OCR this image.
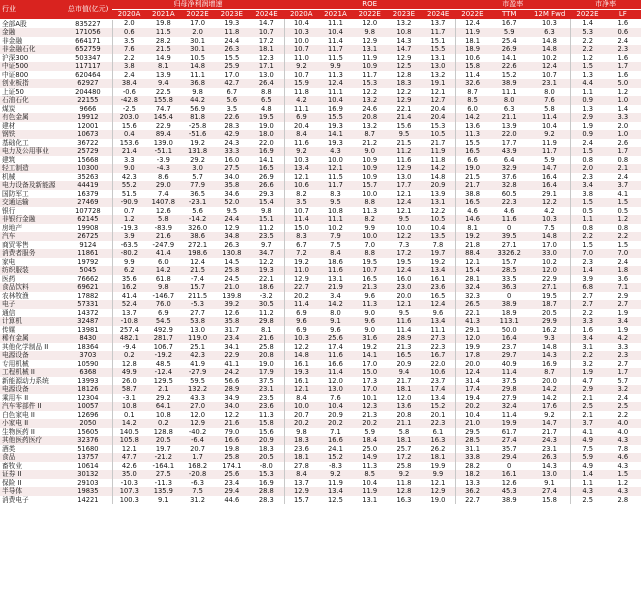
行业	总市值(亿元)	归母净利润增速					ROE					市盈率			市净率	
		2020A	2021A	2022E	2023E	2024E	2020A	2021A	2022E	2023E	2024E	2022E	TTM	12M Fwd	2022E	LF
全部A股	835227	2.0	19.8	17.0	19.3	14.7	10.4	11.1	12.0	13.2	13.7	12.4	16.7	10.3	1.4	1.6
金融	171056	0.6	11.5	2.0	11.8	10.7	10.3	10.4	9.8	10.8	11.7	11.9	5.9	6.3	5.3	0.6
非金融	664171	3.5	28.2	30.1	24.4	17.2	10.0	11.4	12.9	14.3	15.1	18.1	25.4	14.8	2.2	2.4
非金融石化	652759	7.6	21.5	30.1	26.3	18.1	10.7	11.7	13.1	14.7	15.5	18.9	26.9	14.8	2.2	2.3
沪深300	503347	2.2	14.9	10.5	15.5	12.3	11.0	11.5	11.9	12.9	13.1	10.6	14.1	10.2	1.2	1.6
中证500	117117	3.8	8.1	14.8	25.9	17.1	9.2	9.9	10.9	12.5	13.0	15.8	22.6	12.4	1.5	1.7
中证800	620464	2.4	13.9	11.1	17.0	13.0	10.7	11.3	11.7	12.8	13.2	11.4	15.2	10.7	1.3	1.6
创业板指	62927	38.4	9.4	36.8	42.7	26.4	15.9	12.4	15.3	18.3	19.1	32.6	38.9	23.1	4.4	5.0
上证50	204480	-0.6	22.5	9.8	6.7	8.8	11.8	11.1	12.2	12.2	12.1	8.7	11.1	8.0	1.1	1.2
石油石化	22155	-42.8	155.8	44.2	5.6	6.5	4.2	10.4	13.2	12.9	12.7	8.5	8.0	7.6	0.9	1.0
煤炭	9666	-2.5	74.7	56.9	3.5	4.8	11.1	16.9	24.6	22.1	20.4	6.0	6.3	5.8	1.3	1.4
有色金属	19912	203.0	145.4	81.8	22.6	19.5	6.9	15.5	20.8	21.4	20.4	14.2	21.1	11.4	2.9	3.3
建材	12001	15.6	22.9	-25.8	28.3	19.0	20.4	19.3	13.2	15.6	15.3	13.6	13.9	10.4	1.9	2.0
钢铁	10673	0.4	89.4	-51.6	42.9	18.0	8.4	14.1	8.7	9.5	10.5	11.3	22.0	9.2	0.9	1.0
基础化工	36722	153.6	139.0	19.2	24.3	22.0	11.6	19.3	21.2	21.5	21.7	15.5	17.7	11.9	2.4	2.6
电力及公用事业	25729	21.4	-51.1	131.8	33.3	16.9	9.2	4.3	9.0	11.2	11.9	16.5	43.9	11.7	1.5	1.7
建筑	15668	3.3	-3.9	29.2	16.0	14.1	10.3	10.0	10.9	11.6	11.8	6.6	6.4	5.9	0.8	0.8
轻工制造	10300	9.0	-4.3	3.0	27.5	16.5	13.4	12.1	10.9	12.9	14.2	19.0	32.9	14.7	2.0	2.1
机械	35263	42.3	8.6	5.7	34.0	26.9	12.1	11.5	10.9	13.0	14.8	21.5	37.6	16.4	2.3	2.4
电力设备及新能源	44419	55.2	29.0	77.9	35.8	26.6	10.6	11.7	15.7	17.7	20.9	21.7	32.8	16.4	3.4	3.7
国防军工	16379	51.5	7.4	36.5	34.6	29.3	8.2	8.3	10.0	12.1	13.9	38.8	60.5	29.1	3.8	4.1
交通运输	27469	-90.9	1407.8	-23.1	52.0	15.4	3.5	9.5	8.8	12.4	13.1	16.5	22.3	12.2	1.5	1.5
银行	107728	0.7	12.6	5.6	9.5	9.8	10.7	10.8	11.3	12.1	12.2	4.6	4.6	4.2	0.5	0.5
非银行金融	62145	1.2	5.8	-14.2	24.4	15.1	11.4	11.1	8.2	9.5	10.5	14.6	11.6	10.3	1.1	1.2
房地产	19908	-19.3	-83.9	326.0	12.9	11.2	15.0	10.2	9.9	10.0	10.4	8.1	0	7.5	0.8	0.8
汽车	26725	3.9	21.6	38.6	34.8	23.5	8.3	7.9	10.0	12.2	13.5	19.2	39.5	14.8	2.2	2.2
商贸零售	9124	-63.5	-247.9	272.1	26.3	9.7	6.7	7.5	7.0	7.3	7.8	21.8	27.1	17.0	1.5	1.5
消费者服务	11861	-80.2	41.4	198.6	130.8	34.7	7.2	8.4	8.8	17.2	19.7	88.4	3326.2	33.0	7.0	7.0
家电	19792	9.9	6.0	12.4	14.5	12.2	19.2	18.6	19.5	19.5	19.2	12.1	15.7	10.2	2.3	2.4
纺织服装	5045	6.2	14.2	21.5	25.8	19.3	11.0	11.6	10.7	12.4	13.4	15.4	28.5	12.0	1.4	1.8
医药	76662	35.6	61.8	-7.4	24.5	22.1	12.9	13.1	16.5	16.0	16.1	28.1	33.5	22.9	3.9	3.6
食品饮料	69621	16.2	9.8	15.7	21.0	18.6	22.7	21.9	21.3	23.0	23.6	32.4	36.3	27.1	6.8	7.1
农林牧渔	17882	41.4	-146.7	211.5	139.8	-3.2	20.2	3.4	9.6	20.0	16.5	32.3	0	19.5	2.7	2.9
电子	57331	52.4	76.0	-5.3	39.2	30.5	11.4	14.2	11.3	12.1	12.4	26.5	38.9	18.7	2.7	2.7
通信	14372	13.7	6.9	27.7	12.6	11.2	6.9	8.0	9.0	9.5	9.6	22.1	18.9	20.5	2.2	1.9
计算机	32487	-10.8	54.5	53.8	35.8	29.8	9.6	9.1	9.6	11.6	13.4	41.3	113.1	29.9	3.3	3.4
传媒	13981	257.4	492.9	13.0	31.7	8.1	6.9	9.6	9.0	11.4	11.1	29.1	50.0	16.2	1.6	1.9
稀有金属	8430	482.1	281.7	119.0	23.4	21.6	10.3	25.6	31.6	28.9	27.3	12.0	16.4	9.3	3.4	4.2
其他化学制品 II	18364	-9.4	106.7	25.1	34.1	25.8	12.2	17.4	19.2	21.3	22.3	19.9	23.7	14.8	3.1	3.3
电源设备	3703	0.2	-19.2	42.3	22.9	20.8	14.8	11.6	14.1	16.5	16.7	17.8	29.7	14.3	2.2	2.3
专用机械	10590	12.8	48.5	41.9	41.1	19.0	16.1	16.6	17.0	20.9	22.0	20.0	40.9	16.9	3.2	2.7
工程机械 II	6368	49.9	-12.4	-27.9	24.2	17.9	19.3	11.4	15.0	9.4	10.6	12.4	11.4	8.7	1.9	1.7
新能源动力系统	13993	26.0	129.5	59.5	56.6	37.5	16.1	12.0	17.3	21.7	23.7	31.4	37.5	20.0	4.7	5.7
电源设备	18126	58.7	2.1	132.2	28.9	23.1	12.1	13.0	17.0	18.1	17.4	17.4	29.8	14.2	2.9	3.2
乘用车 II	12304	-3.1	29.2	43.3	34.9	23.5	8.4	7.6	10.1	12.0	13.4	19.4	27.9	14.2	2.1	2.4
汽车零部件 II	10057	10.8	64.1	27.0	34.0	23.6	10.0	10.4	12.3	13.6	15.2	20.2	32.4	17.6	2.5	2.5
白色家电 II	12696	0.1	10.8	12.0	12.2	11.3	20.7	20.9	21.3	20.8	20.1	10.4	11.4	9.2	2.1	2.2
小家电 II	2050	14.2	0.2	12.9	21.6	15.8	20.2	20.2	20.2	21.1	22.3	21.0	19.9	14.7	3.7	4.0
生物医药 II	15605	140.5	128.8	-40.2	79.0	15.6	9.8	7.1	5.9	5.8	6.1	29.5	61.7	21.7	4.1	4.0
其他医药医疗	32376	105.8	20.5	-6.4	16.6	20.9	18.3	16.6	18.4	18.1	16.3	28.5	27.4	24.3	4.9	4.3
酒类	51680	12.1	19.7	20.7	19.8	18.3	23.6	24.1	25.0	25.7	26.2	31.1	35.7	23.1	7.5	7.8
食品	13757	47.7	-21.2	1.7	25.8	20.5	18.1	15.2	14.9	17.2	18.1	33.8	29.4	26.3	5.9	4.6
畜牧业	10614	42.6	-164.1	168.2	174.1	-8.0	27.8	-8.3	11.3	25.8	19.9	28.2	0	14.3	4.9	4.3
证券 II	30132	35.0	27.5	-20.8	25.6	15.3	8.4	9.2	8.5	9.2	9.9	18.2	16.1	13.0	1.4	1.5
保险 II	29103	-10.3	-11.3	-6.3	23.4	16.9	13.7	11.9	10.4	11.8	12.1	13.3	12.6	9.1	1.1	1.2
半导体	19835	107.3	135.9	7.5	29.4	28.8	12.9	13.4	11.9	12.8	12.9	36.2	45.3	27.4	4.3	4.3
消费电子	14221	100.3	9.1	31.2	44.6	28.3	15.7	12.5	13.1	16.3	19.0	22.7	38.9	15.8	2.5	2.8
